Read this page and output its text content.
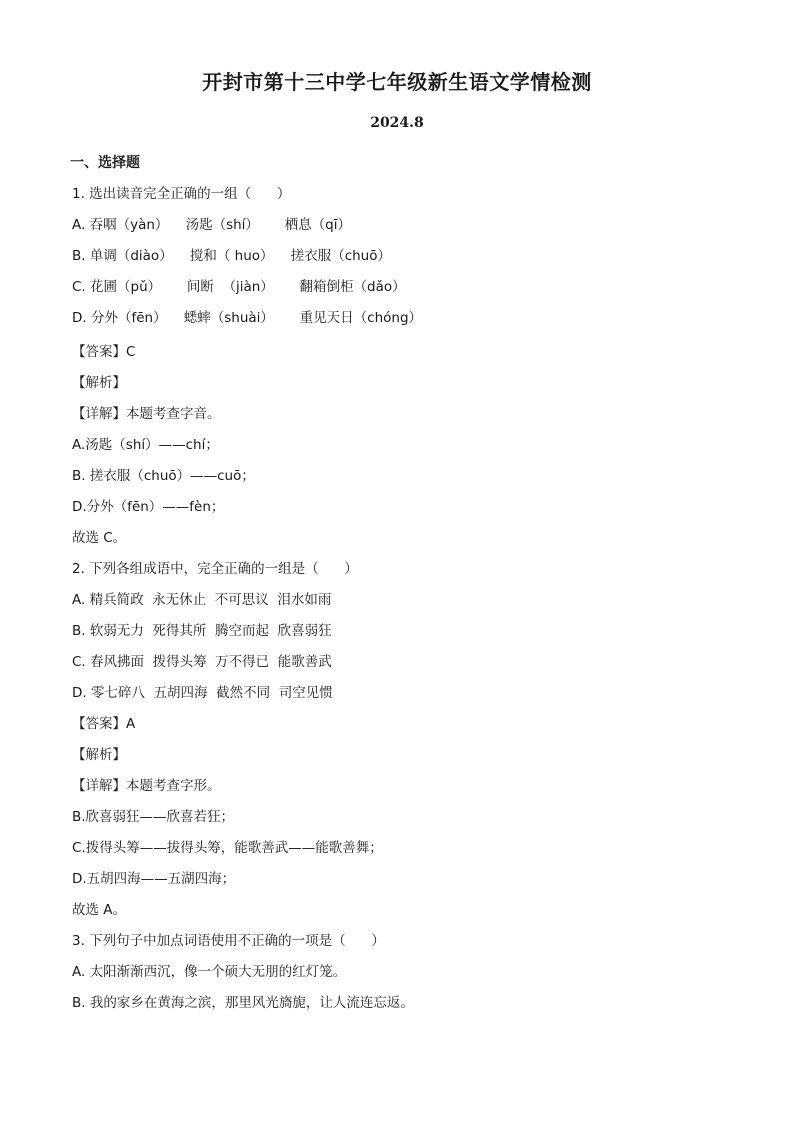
开封市第十三中学七年级新生语文学情检测
2024.8
一、选择题
1. 选出读音完全正确的一组（      ）
A. 吞咽（yàn）    汤匙（shí）      栖息（qī）
B. 单调（diào）    搅和（ huo）    搓衣服（chuō）
C. 花圃（pǔ）      间断  （jiàn）      翻箱倒柜（dǎo）
D. 分外（fēn）    蟋蟀（shuài）      重见天日（chóng）
【答案】C
【解析】
【详解】本题考查字音。
A.汤匙（shí）——chí；
B. 搓衣服（chuō）——cuō；
D.分外（fēn）——fèn；
故选 C。
2. 下列各组成语中，完全正确的一组是（      ）
A. 精兵简政  永无休止  不可思议  泪水如雨
B. 软弱无力  死得其所  腾空而起  欣喜弱狂
C. 春风拂面  拨得头筹  万不得已  能歌善武
D. 零七碎八  五胡四海  截然不同  司空见惯
【答案】A
【解析】
【详解】本题考查字形。
B.欣喜弱狂——欣喜若狂；
C.拨得头筹——拔得头筹，能歌善武——能歌善舞；
D.五胡四海——五湖四海；
故选 A。
3. 下列句子中加点词语使用不正确的一项是（      ）
A. 太阳渐渐西沉，像一个硕大无朋的红灯笼。
B. 我的家乡在黄海之滨，那里风光旖旎，让人流连忘返。
